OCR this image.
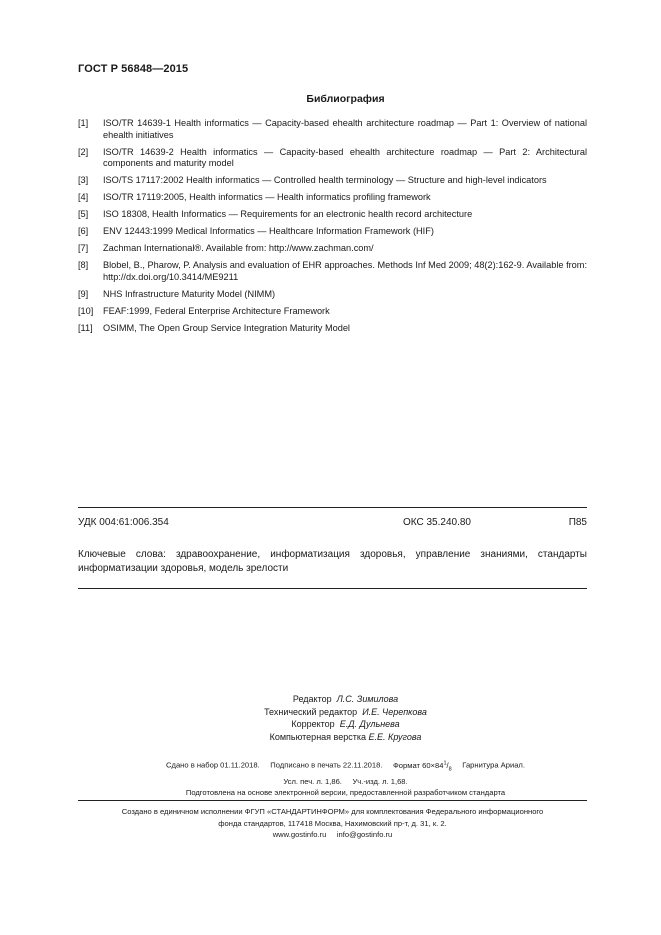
ГОСТ Р 56848—2015
Библиография
[1]	ISO/TR 14639-1 Health informatics — Capacity-based ehealth architecture roadmap — Part 1: Overview of national ehealth initiatives
[2]	ISO/TR 14639-2 Health informatics — Capacity-based ehealth architecture roadmap — Part 2: Architectural components and maturity model
[3]	ISO/TS 17117:2002 Health informatics — Controlled health terminology — Structure and high-level indicators
[4]	ISO/TR 17119:2005, Health informatics — Health informatics profiling framework
[5]	ISO 18308, Health Informatics — Requirements for an electronic health record architecture
[6]	ENV 12443:1999 Medical Informatics — Healthcare Information Framework (HIF)
[7]	Zachman International®. Available from: http://www.zachman.com/
[8]	Blobel, B., Pharow, P. Analysis and evaluation of EHR approaches. Methods Inf Med 2009; 48(2):162-9. Available from: http://dx.doi.org/10.3414/ME9211
[9]	NHS Infrastructure Maturity Model (NIMM)
[10]	FEAF:1999, Federal Enterprise Architecture Framework
[11]	OSIMM, The Open Group Service Integration Maturity Model
УДК 004:61:006.354	ОКС 35.240.80	П85
Ключевые слова: здравоохранение, информатизация здоровья, управление знаниями, стандарты информатизации здоровья, модель зрелости
Редактор Л.С. Зимилова
Технический редактор И.Е. Черепкова
Корректор Е.Д. Дульнева
Компьютерная верстка Е.Е. Кругова
Сдано в набор 01.11.2018. Подписано в печать 22.11.2018. Формат $60\times 84^1/_8$ Гарнитура Ариал.
Усл. печ. л. 1,86.     Уч.-изд. л. 1,68.
Подготовлена на основе электронной версии, предоставленной разработчиком стандарта
Создано в единичном исполнении ФГУП «СТАНДАРТИНФОРМ» для комплектования Федерального информационного
фонда стандартов, 117418 Москва, Нахимовский пр-т, д. 31, к. 2.
www.gostinfo.ru info@gostinfo.ru
